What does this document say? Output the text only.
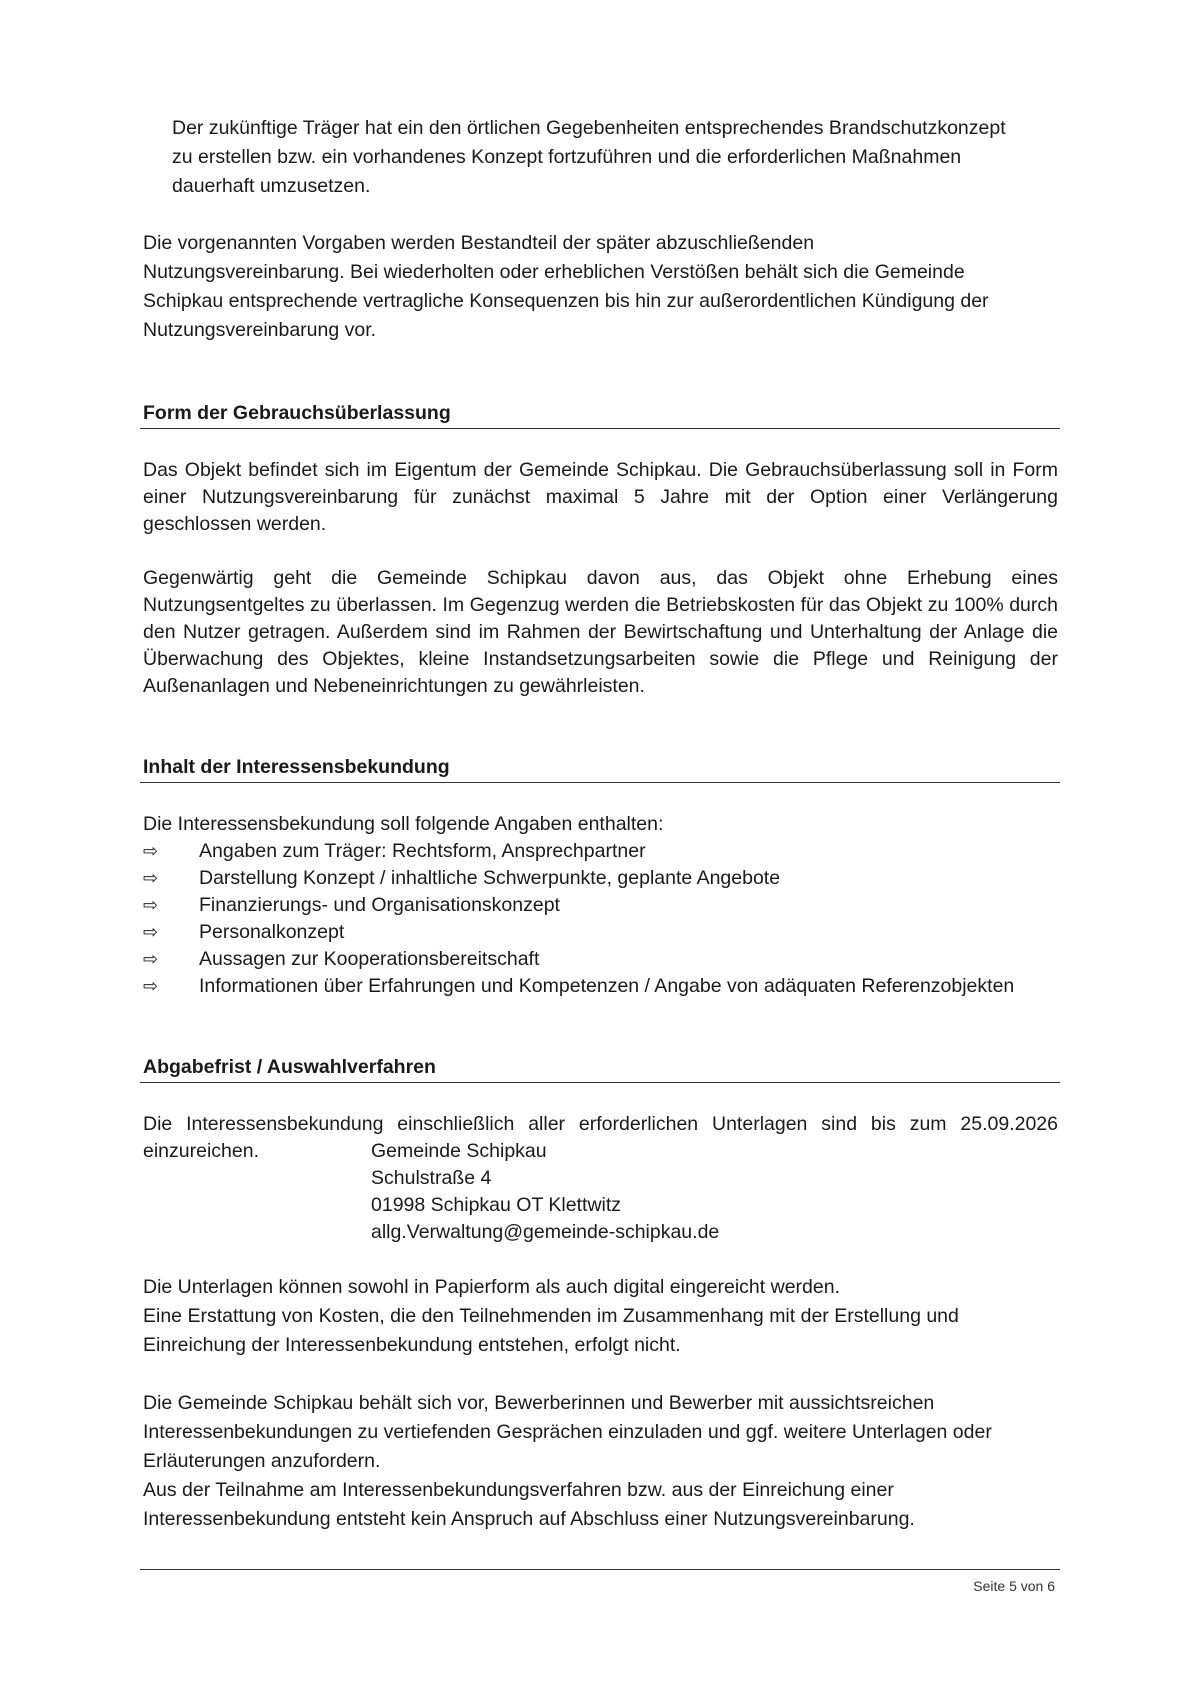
Der zukünftige Träger hat ein den örtlichen Gegebenheiten entsprechendes Brandschutzkonzept

zu erstellen bzw. ein vorhandenes Konzept fortzuführen und die erforderlichen Maßnahmen

dauerhaft umzusetzen.

Die vorgenannten Vorgaben werden Bestandteil der später abzuschließenden

Nutzungsvereinbarung. Bei wiederholten oder erheblichen Verstößen behält sich die Gemeinde

Schipkau entsprechende vertragliche Konsequenzen bis hin zur außerordentlichen Kündigung der

Nutzungsvereinbarung vor.

Form der Gebrauchsüberlassung

Das Objekt befindet sich im Eigentum der Gemeinde Schipkau. Die Gebrauchsüberlassung soll in Form einer Nutzungsvereinbarung für zunächst maximal 5 Jahre mit der Option einer Verlängerung geschlossen werden.

Gegenwärtig geht die Gemeinde Schipkau davon aus, das Objekt ohne Erhebung eines Nutzungsentgeltes zu überlassen. Im Gegenzug werden die Betriebskosten für das Objekt zu 100% durch den Nutzer getragen. Außerdem sind im Rahmen der Bewirtschaftung und Unterhaltung der Anlage die Überwachung des Objektes, kleine Instandsetzungsarbeiten sowie die Pflege und Reinigung der Außenanlagen und Nebeneinrichtungen zu gewährleisten.

Inhalt der Interessensbekundung

Die Interessensbekundung soll folgende Angaben enthalten:

⇨	Angaben zum Träger: Rechtsform, Ansprechpartner
⇨	Darstellung Konzept / inhaltliche Schwerpunkte, geplante Angebote
⇨	Finanzierungs- und Organisationskonzept
⇨	Personalkonzept
⇨	Aussagen zur Kooperationsbereitschaft
⇨	Informationen über Erfahrungen und Kompetenzen / Angabe von adäquaten Referenzobjekten
Abgabefrist / Auswahlverfahren

Die Interessensbekundung einschließlich aller erforderlichen Unterlagen sind bis zum 25.09.2026

einzureichen.	Gemeinde Schipkau

Schulstraße 4

01998 Schipkau OT Klettwitz

allg.Verwaltung@gemeinde-schipkau.de

Die Unterlagen können sowohl in Papierform als auch digital eingereicht werden.

Eine Erstattung von Kosten, die den Teilnehmenden im Zusammenhang mit der Erstellung und

Einreichung der Interessenbekundung entstehen, erfolgt nicht.

Die Gemeinde Schipkau behält sich vor, Bewerberinnen und Bewerber mit aussichtsreichen

Interessenbekundungen zu vertiefenden Gesprächen einzuladen und ggf. weitere Unterlagen oder

Erläuterungen anzufordern.

Aus der Teilnahme am Interessenbekundungsverfahren bzw. aus der Einreichung einer

Interessenbekundung entsteht kein Anspruch auf Abschluss einer Nutzungsvereinbarung.

Seite 5 von 6
